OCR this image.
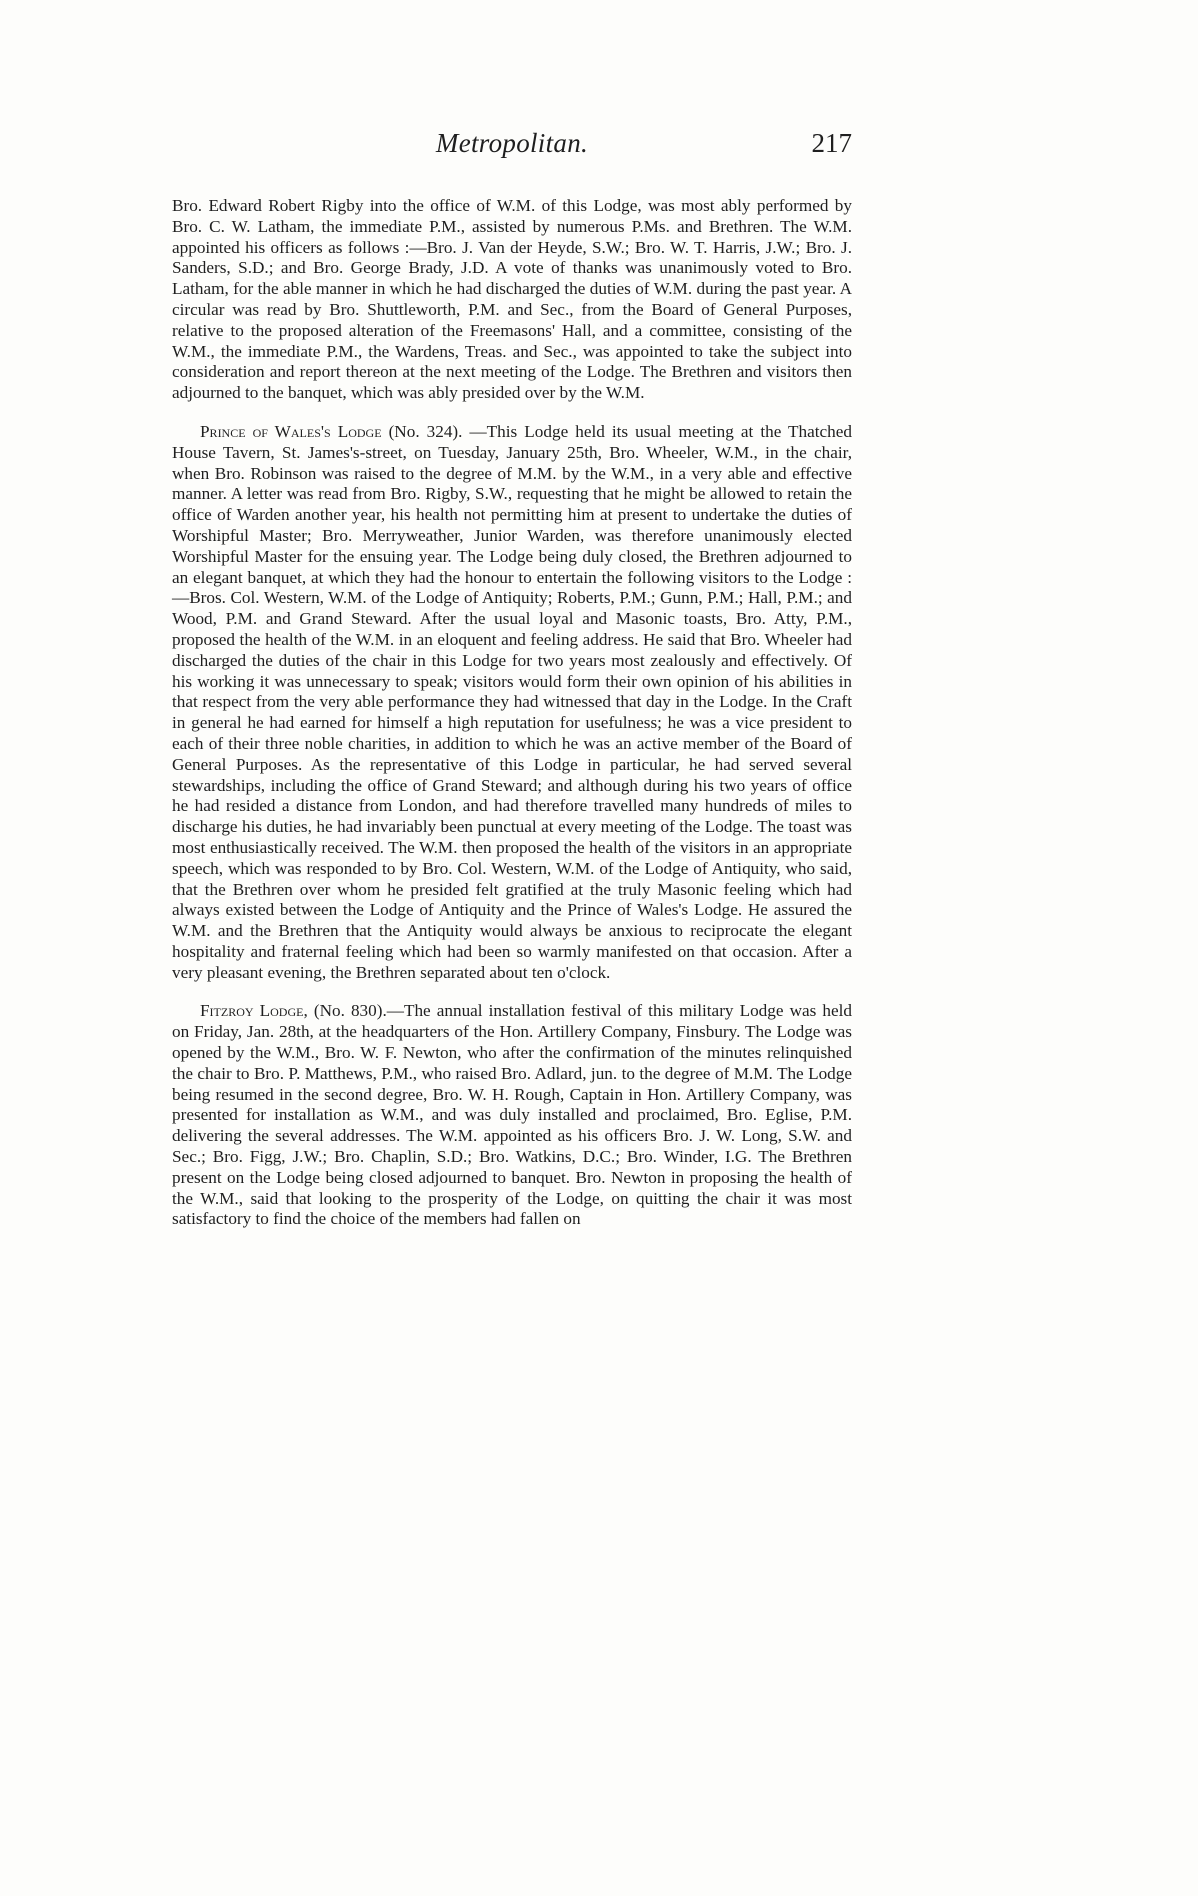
Metropolitan.	217

Bro. Edward Robert Rigby into the office of W.M. of this Lodge, was most ably performed by Bro. C. W. Latham, the immediate P.M., assisted by numerous P.Ms. and Brethren. The W.M. appointed his officers as follows :—Bro. J. Van der Heyde, S.W.; Bro. W. T. Harris, J.W.; Bro. J. Sanders, S.D.; and Bro. George Brady, J.D. A vote of thanks was unanimously voted to Bro. Latham, for the able manner in which he had discharged the duties of W.M. during the past year. A circular was read by Bro. Shuttleworth, P.M. and Sec., from the Board of General Purposes, relative to the proposed alteration of the Freemasons' Hall, and a committee, consisting of the W.M., the immediate P.M., the Wardens, Treas. and Sec., was appointed to take the subject into consideration and report thereon at the next meeting of the Lodge. The Brethren and visitors then adjourned to the banquet, which was ably presided over by the W.M.

Prince of Wales's Lodge (No. 324). —This Lodge held its usual meeting at the Thatched House Tavern, St. James's-street, on Tuesday, January 25th, Bro. Wheeler, W.M., in the chair, when Bro. Robinson was raised to the degree of M.M. by the W.M., in a very able and effective manner. A letter was read from Bro. Rigby, S.W., requesting that he might be allowed to retain the office of Warden another year, his health not permitting him at present to undertake the duties of Worshipful Master; Bro. Merryweather, Junior Warden, was therefore unanimously elected Worshipful Master for the ensuing year. The Lodge being duly closed, the Brethren adjourned to an elegant banquet, at which they had the honour to entertain the following visitors to the Lodge :—Bros. Col. Western, W.M. of the Lodge of Antiquity; Roberts, P.M.; Gunn, P.M.; Hall, P.M.; and Wood, P.M. and Grand Steward. After the usual loyal and Masonic toasts, Bro. Atty, P.M., proposed the health of the W.M. in an eloquent and feeling address. He said that Bro. Wheeler had discharged the duties of the chair in this Lodge for two years most zealously and effectively. Of his working it was unnecessary to speak; visitors would form their own opinion of his abilities in that respect from the very able performance they had witnessed that day in the Lodge. In the Craft in general he had earned for himself a high reputation for usefulness; he was a vice president to each of their three noble charities, in addition to which he was an active member of the Board of General Purposes. As the representative of this Lodge in particular, he had served several stewardships, including the office of Grand Steward; and although during his two years of office he had resided a distance from London, and had therefore travelled many hundreds of miles to discharge his duties, he had invariably been punctual at every meeting of the Lodge. The toast was most enthusiastically received. The W.M. then proposed the health of the visitors in an appropriate speech, which was responded to by Bro. Col. Western, W.M. of the Lodge of Antiquity, who said, that the Brethren over whom he presided felt gratified at the truly Masonic feeling which had always existed between the Lodge of Antiquity and the Prince of Wales's Lodge. He assured the W.M. and the Brethren that the Antiquity would always be anxious to reciprocate the elegant hospitality and fraternal feeling which had been so warmly manifested on that occasion. After a very pleasant evening, the Brethren separated about ten o'clock.

Fitzroy Lodge, (No. 830).—The annual installation festival of this military Lodge was held on Friday, Jan. 28th, at the headquarters of the Hon. Artillery Company, Finsbury. The Lodge was opened by the W.M., Bro. W. F. Newton, who after the confirmation of the minutes relinquished the chair to Bro. P. Matthews, P.M., who raised Bro. Adlard, jun. to the degree of M.M. The Lodge being resumed in the second degree, Bro. W. H. Rough, Captain in Hon. Artillery Company, was presented for installation as W.M., and was duly installed and proclaimed, Bro. Eglise, P.M. delivering the several addresses. The W.M. appointed as his officers Bro. J. W. Long, S.W. and Sec.; Bro. Figg, J.W.; Bro. Chaplin, S.D.; Bro. Watkins, D.C.; Bro. Winder, I.G. The Brethren present on the Lodge being closed adjourned to banquet. Bro. Newton in proposing the health of the W.M., said that looking to the prosperity of the Lodge, on quitting the chair it was most satisfactory to find the choice of the members had fallen on
